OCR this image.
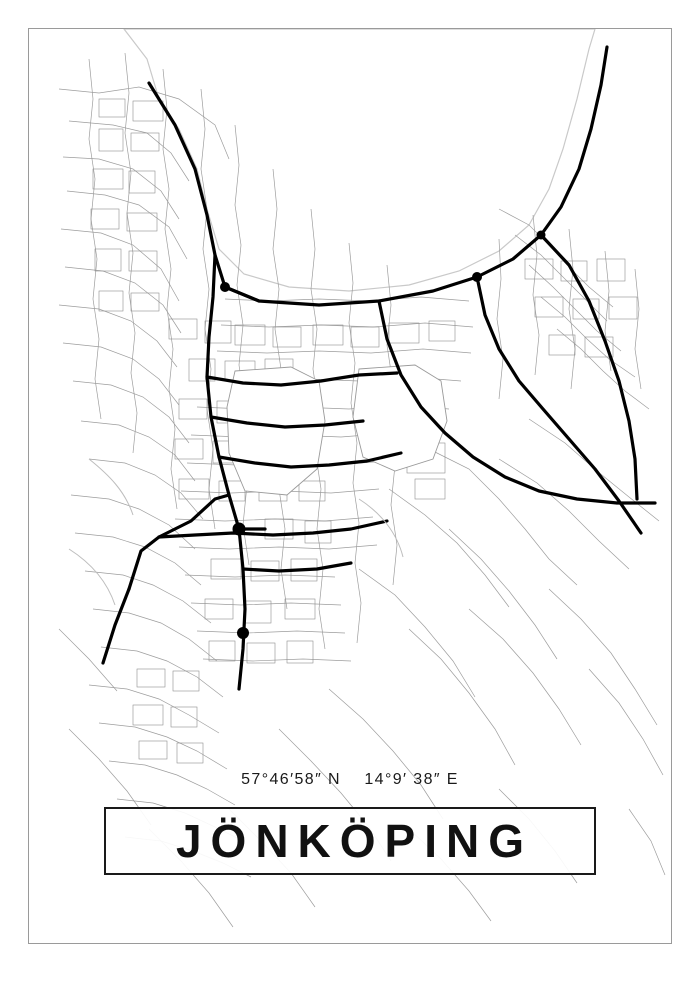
57°46′58″ N    14°9′ 38″ E
JÖNKÖPING
